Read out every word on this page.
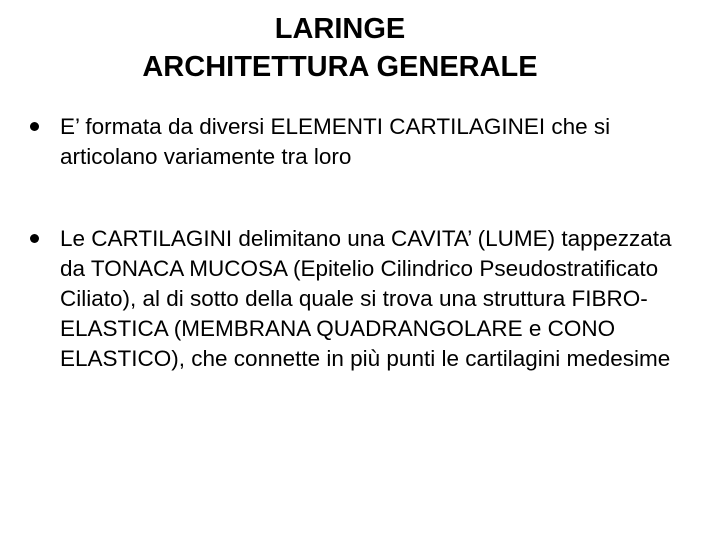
LARINGE
ARCHITETTURA GENERALE
E’ formata da diversi ELEMENTI CARTILAGINEI che si articolano variamente tra loro
Le CARTILAGINI delimitano una CAVITA’ (LUME) tappezzata da TONACA MUCOSA (Epitelio Cilindrico Pseudostratificato Ciliato), al di sotto della quale si trova una struttura FIBRO-ELASTICA (MEMBRANA QUADRANGOLARE e CONO ELASTICO), che connette in più punti le cartilagini medesime
